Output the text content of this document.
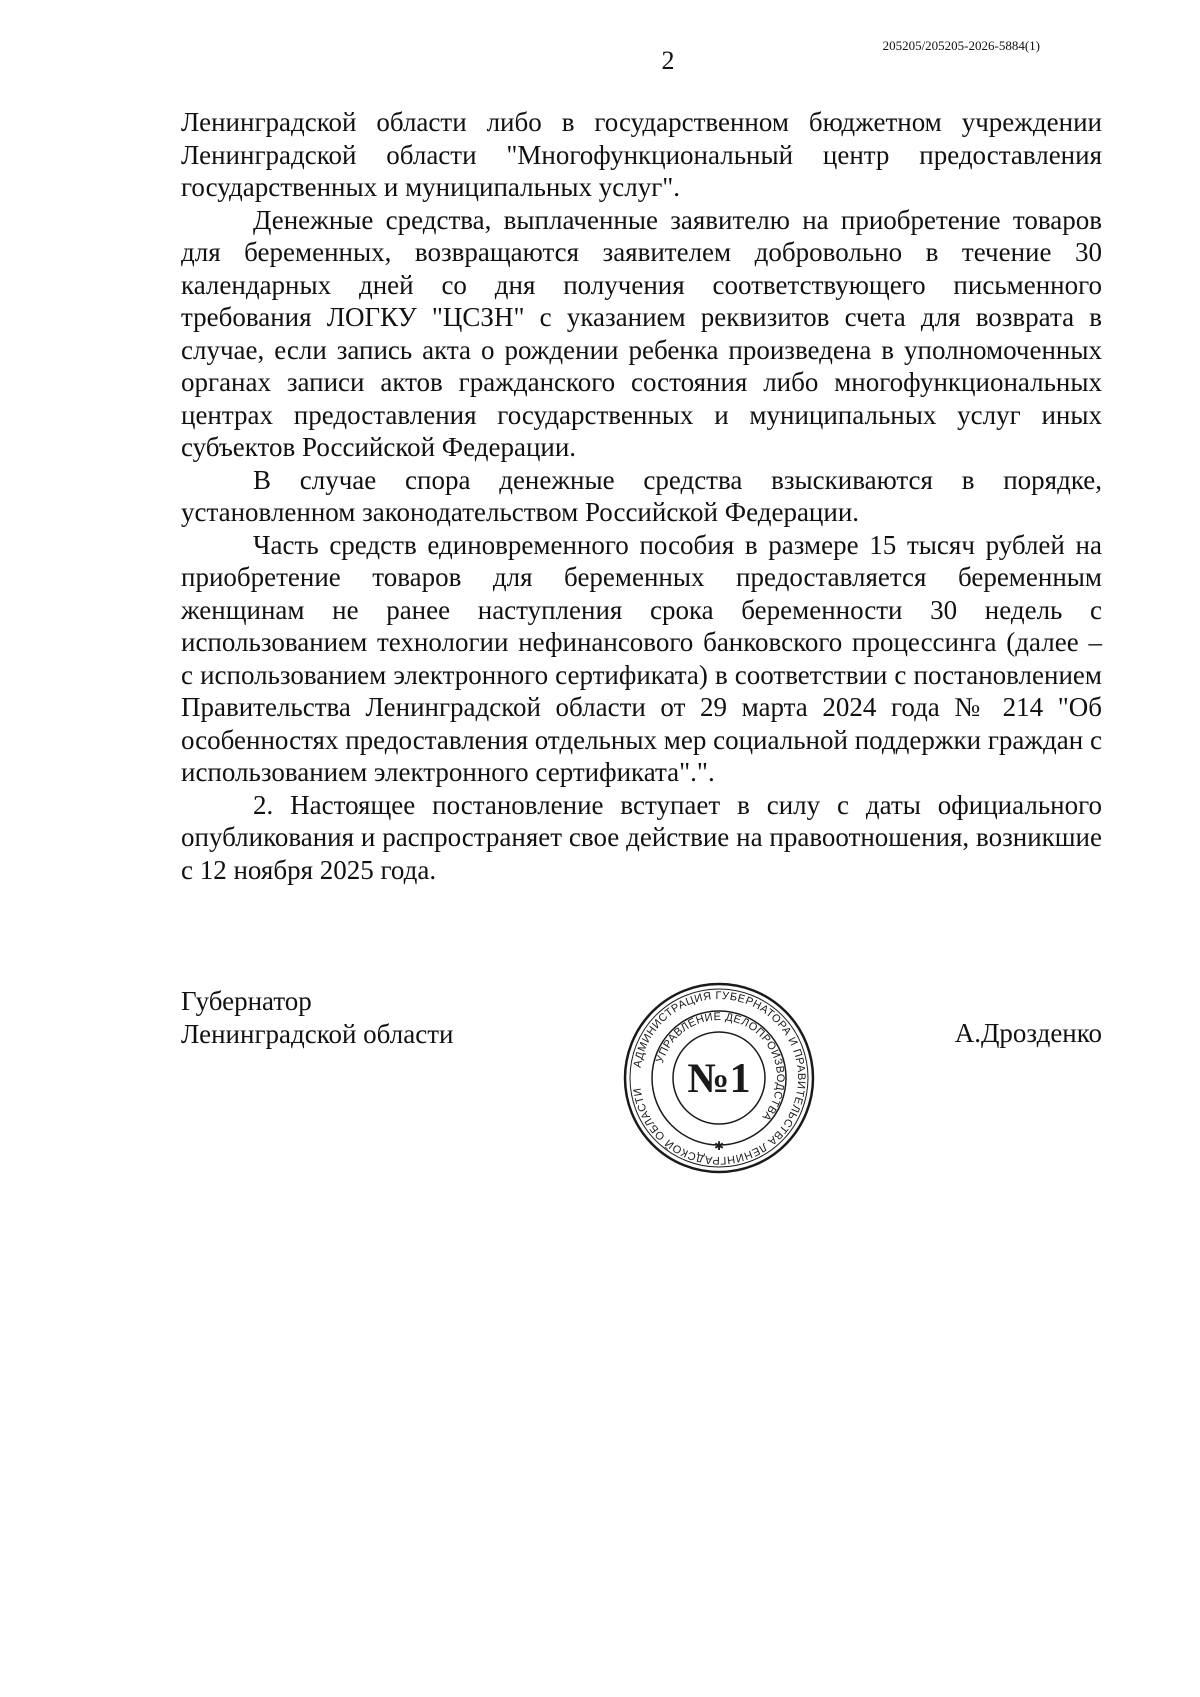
205205/205205-2026-5884(1)
2

Ленинградской области либо в государственном бюджетном учреждении Ленинградской области "Многофункциональный центр предоставления государственных и муниципальных услуг".

Денежные средства, выплаченные заявителю на приобретение товаров для беременных, возвращаются заявителем добровольно в течение 30 календарных дней со дня получения соответствующего письменного требования ЛОГКУ "ЦСЗН" с указанием реквизитов счета для возврата в случае, если запись акта о рождении ребенка произведена в уполномоченных органах записи актов гражданского состояния либо многофункциональных центрах предоставления государственных и муниципальных услуг иных субъектов Российской Федерации.

В случае спора денежные средства взыскиваются в порядке, установленном законодательством Российской Федерации.

Часть средств единовременного пособия в размере 15 тысяч рублей на приобретение товаров для беременных предоставляется беременным женщинам не ранее наступления срока беременности 30 недель с использованием технологии нефинансового банковского процессинга (далее – с использованием электронного сертификата) в соответствии с постановлением Правительства Ленинградской области от 29 марта 2024 года № 214 "Об особенностях предоставления отдельных мер социальной поддержки граждан с использованием электронного сертификата".".

2. Настоящее постановление вступает в силу с даты официального опубликования и распространяет свое действие на правоотношения, возникшие с 12 ноября 2025 года.

Губернатор
Ленинградской области	А.Дрозденко
АДМИНИСТРАЦИЯ ГУБЕРНАТОРА И ПРАВИТЕЛЬСТВА ЛЕНИНГРАДСКОЙ ОБЛАСТИ
УПРАВЛЕНИЕ ДЕЛОПРОИЗВОДСТВА
№1
✱
